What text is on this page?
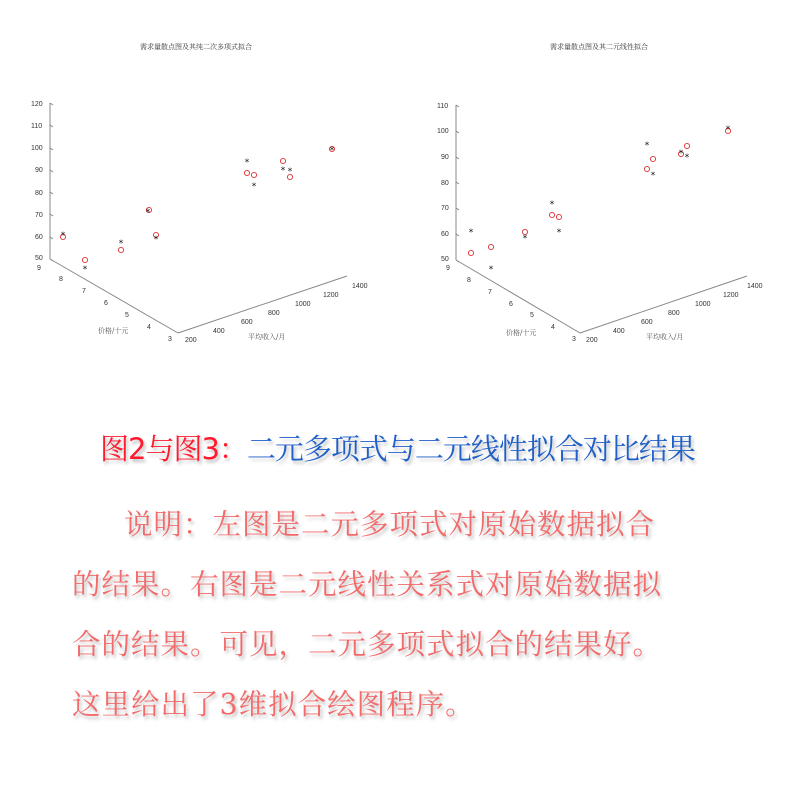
需求量散点图及其纯二次多项式拟合
120
110
100
90
80
70
60
50
9
8
7
6
5
4
3 200
400
600
800
1000
1200
1400
价格/十元
平均收入/月
*
*
*
*
*
*
*
* *
*
需求量散点图及其二元线性拟合
110
100
90
80
70
60
50
9
8
7
6
5
4
3 200
400
600
800
1000
1200
1400
价格/十元	平均收入/月
*
*
*
*
*
*
*
* *
*
图2与图3：二元多项式与二元线性拟合对比结果
说明：左图是二元多项式对原始数据拟合
的结果。右图是二元线性关系式对原始数据拟
合的结果。可见，二元多项式拟合的结果好。
这里给出了3维拟合绘图程序。
